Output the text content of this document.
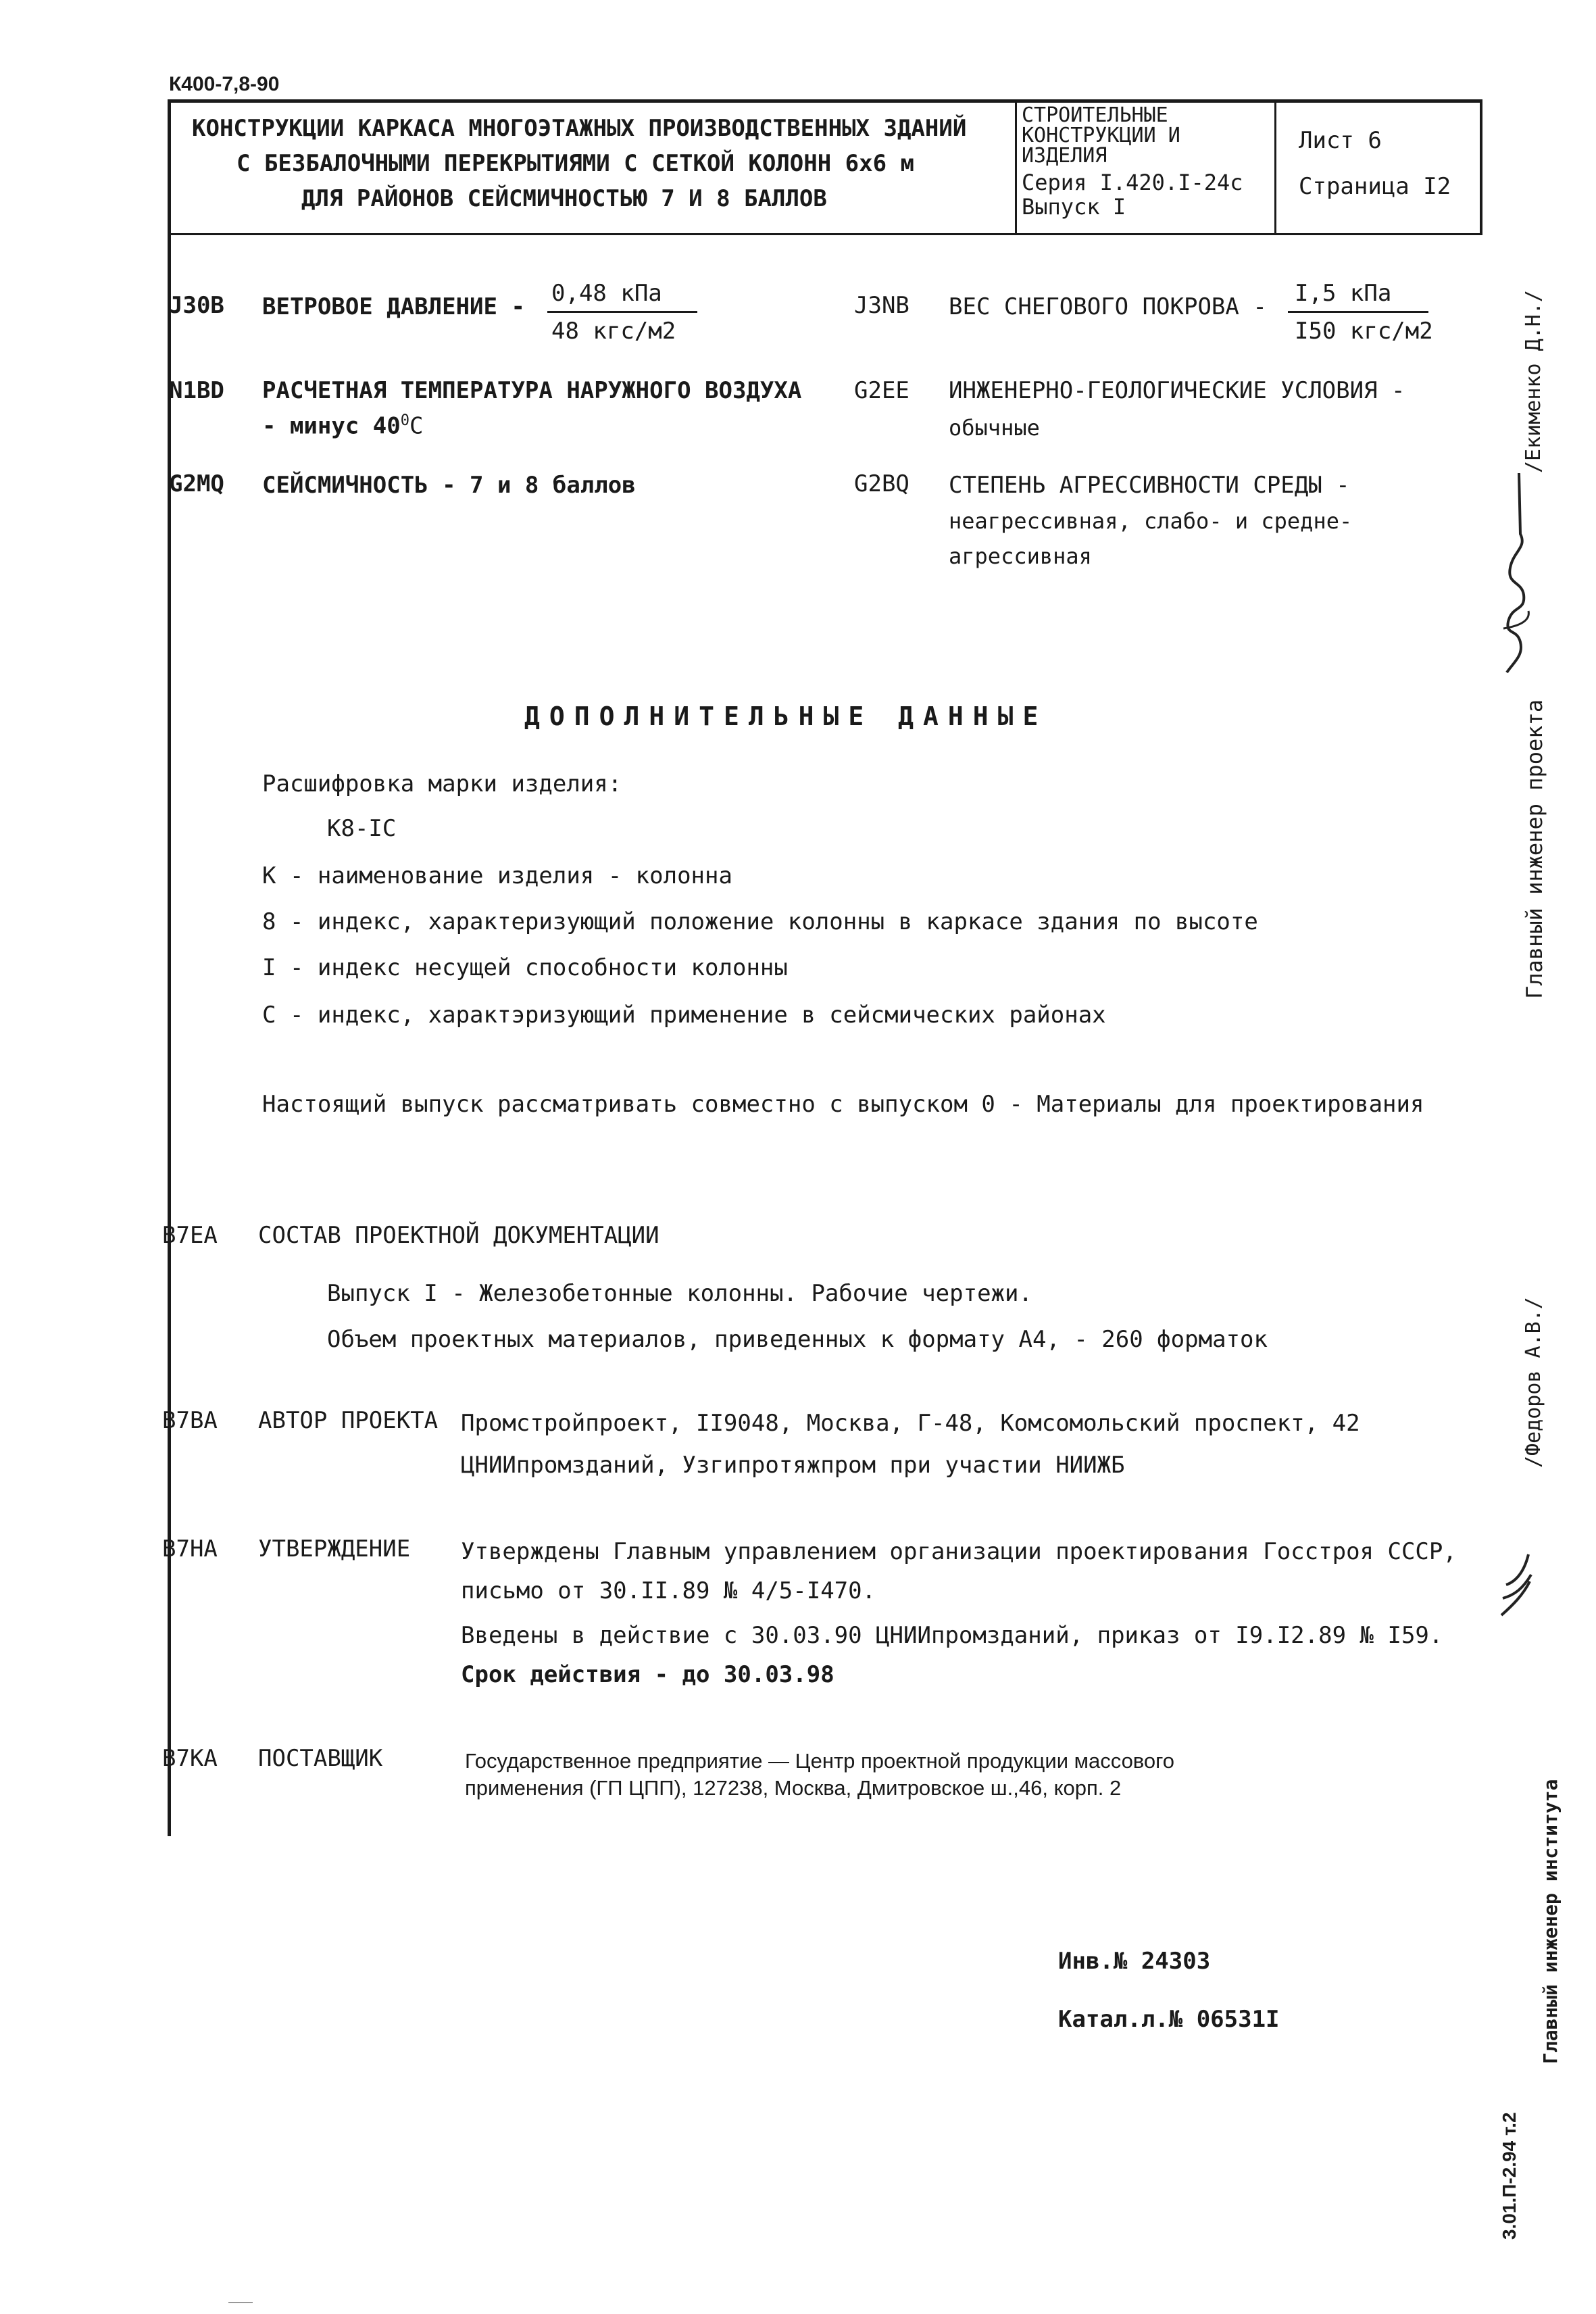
К400-7,8-90
КОНСТРУКЦИИ КАРКАСА МНОГОЭТАЖНЫХ ПРОИЗВОДСТВЕННЫХ ЗДАНИЙ
С БЕЗБАЛОЧНЫМИ ПЕРЕКРЫТИЯМИ С СЕТКОЙ КОЛОНН 6х6 м
ДЛЯ РАЙОНОВ СЕЙСМИЧНОСТЬЮ 7 И 8 БАЛЛОВ
СТРОИТЕЛЬНЫЕ
КОНСТРУКЦИИ И
ИЗДЕЛИЯ
Серия I.420.I-24с
Выпуск I
Лист 6
Страница I2
J30B ВЕТРОВОЕ ДАВЛЕНИЕ - 0,48 кПа
48 кгс/м2
J3NB ВЕС СНЕГОВОГО ПОКРОВА - I,5 кПа
I50 кгс/м2
N1BD РАСЧЕТНАЯ ТЕМПЕРАТУРА НАРУЖНОГО ВОЗДУХА
- минус $40^0С$
G2EE ИНЖЕНЕРНО-ГЕОЛОГИЧЕСКИЕ УСЛОВИЯ -
обычные
G2MQ СЕЙСМИЧНОСТЬ - 7 и 8 баллов	G2BQ СТЕПЕНЬ АГРЕССИВНОСТИ СРЕДЫ -
неагрессивная, слабо- и средне-
агрессивная
ДОПОЛНИТЕЛЬНЫЕ ДАННЫЕ
Расшифровка марки изделия:
К8-IС
К - наименование изделия - колонна
8 - индекс, характеризующий положение колонны в каркасе здания по высоте
I - индекс несущей способности колонны
С - индекс, характэризующий применение в сейсмических районах
Настоящий выпуск рассматривать совместно с выпуском 0 - Материалы для проектирования
B7EA СОСТАВ ПРОЕКТНОЙ ДОКУМЕНТАЦИИ
Выпуск I - Железобетонные колонны. Рабочие чертежи.
Объем проектных материалов, приведенных к формату А4, - 260 форматок
B7BA АВТОР ПРОЕКТА Промстройпроект, II9048, Москва, Г-48, Комсомольский проспект, 42
ЦНИИпромзданий, Узгипротяжпром при участии НИИЖБ
B7HA УТВЕРЖДЕНИЕ Утверждены Главным управлением организации проектирования Госстроя СССР,
письмо от 30.II.89 № 4/5-I470.
Введены в действие с 30.03.90 ЦНИИпромзданий, приказ от I9.I2.89 № I59.
Срок действия - до 30.03.98
B7KA ПОСТАВЩИК	Государственное предприятие — Центр проектной продукции массового
применения (ГП ЦПП), 127238, Москва, Дмитровское ш.,46, корп. 2
Инв.№ 24303
Катал.л.№ 06531I
Главный инженер проекта
/Екименко Д.Н./
/Федоров А.В./
Главный инженер института
3.01.П-2.94 т.2
